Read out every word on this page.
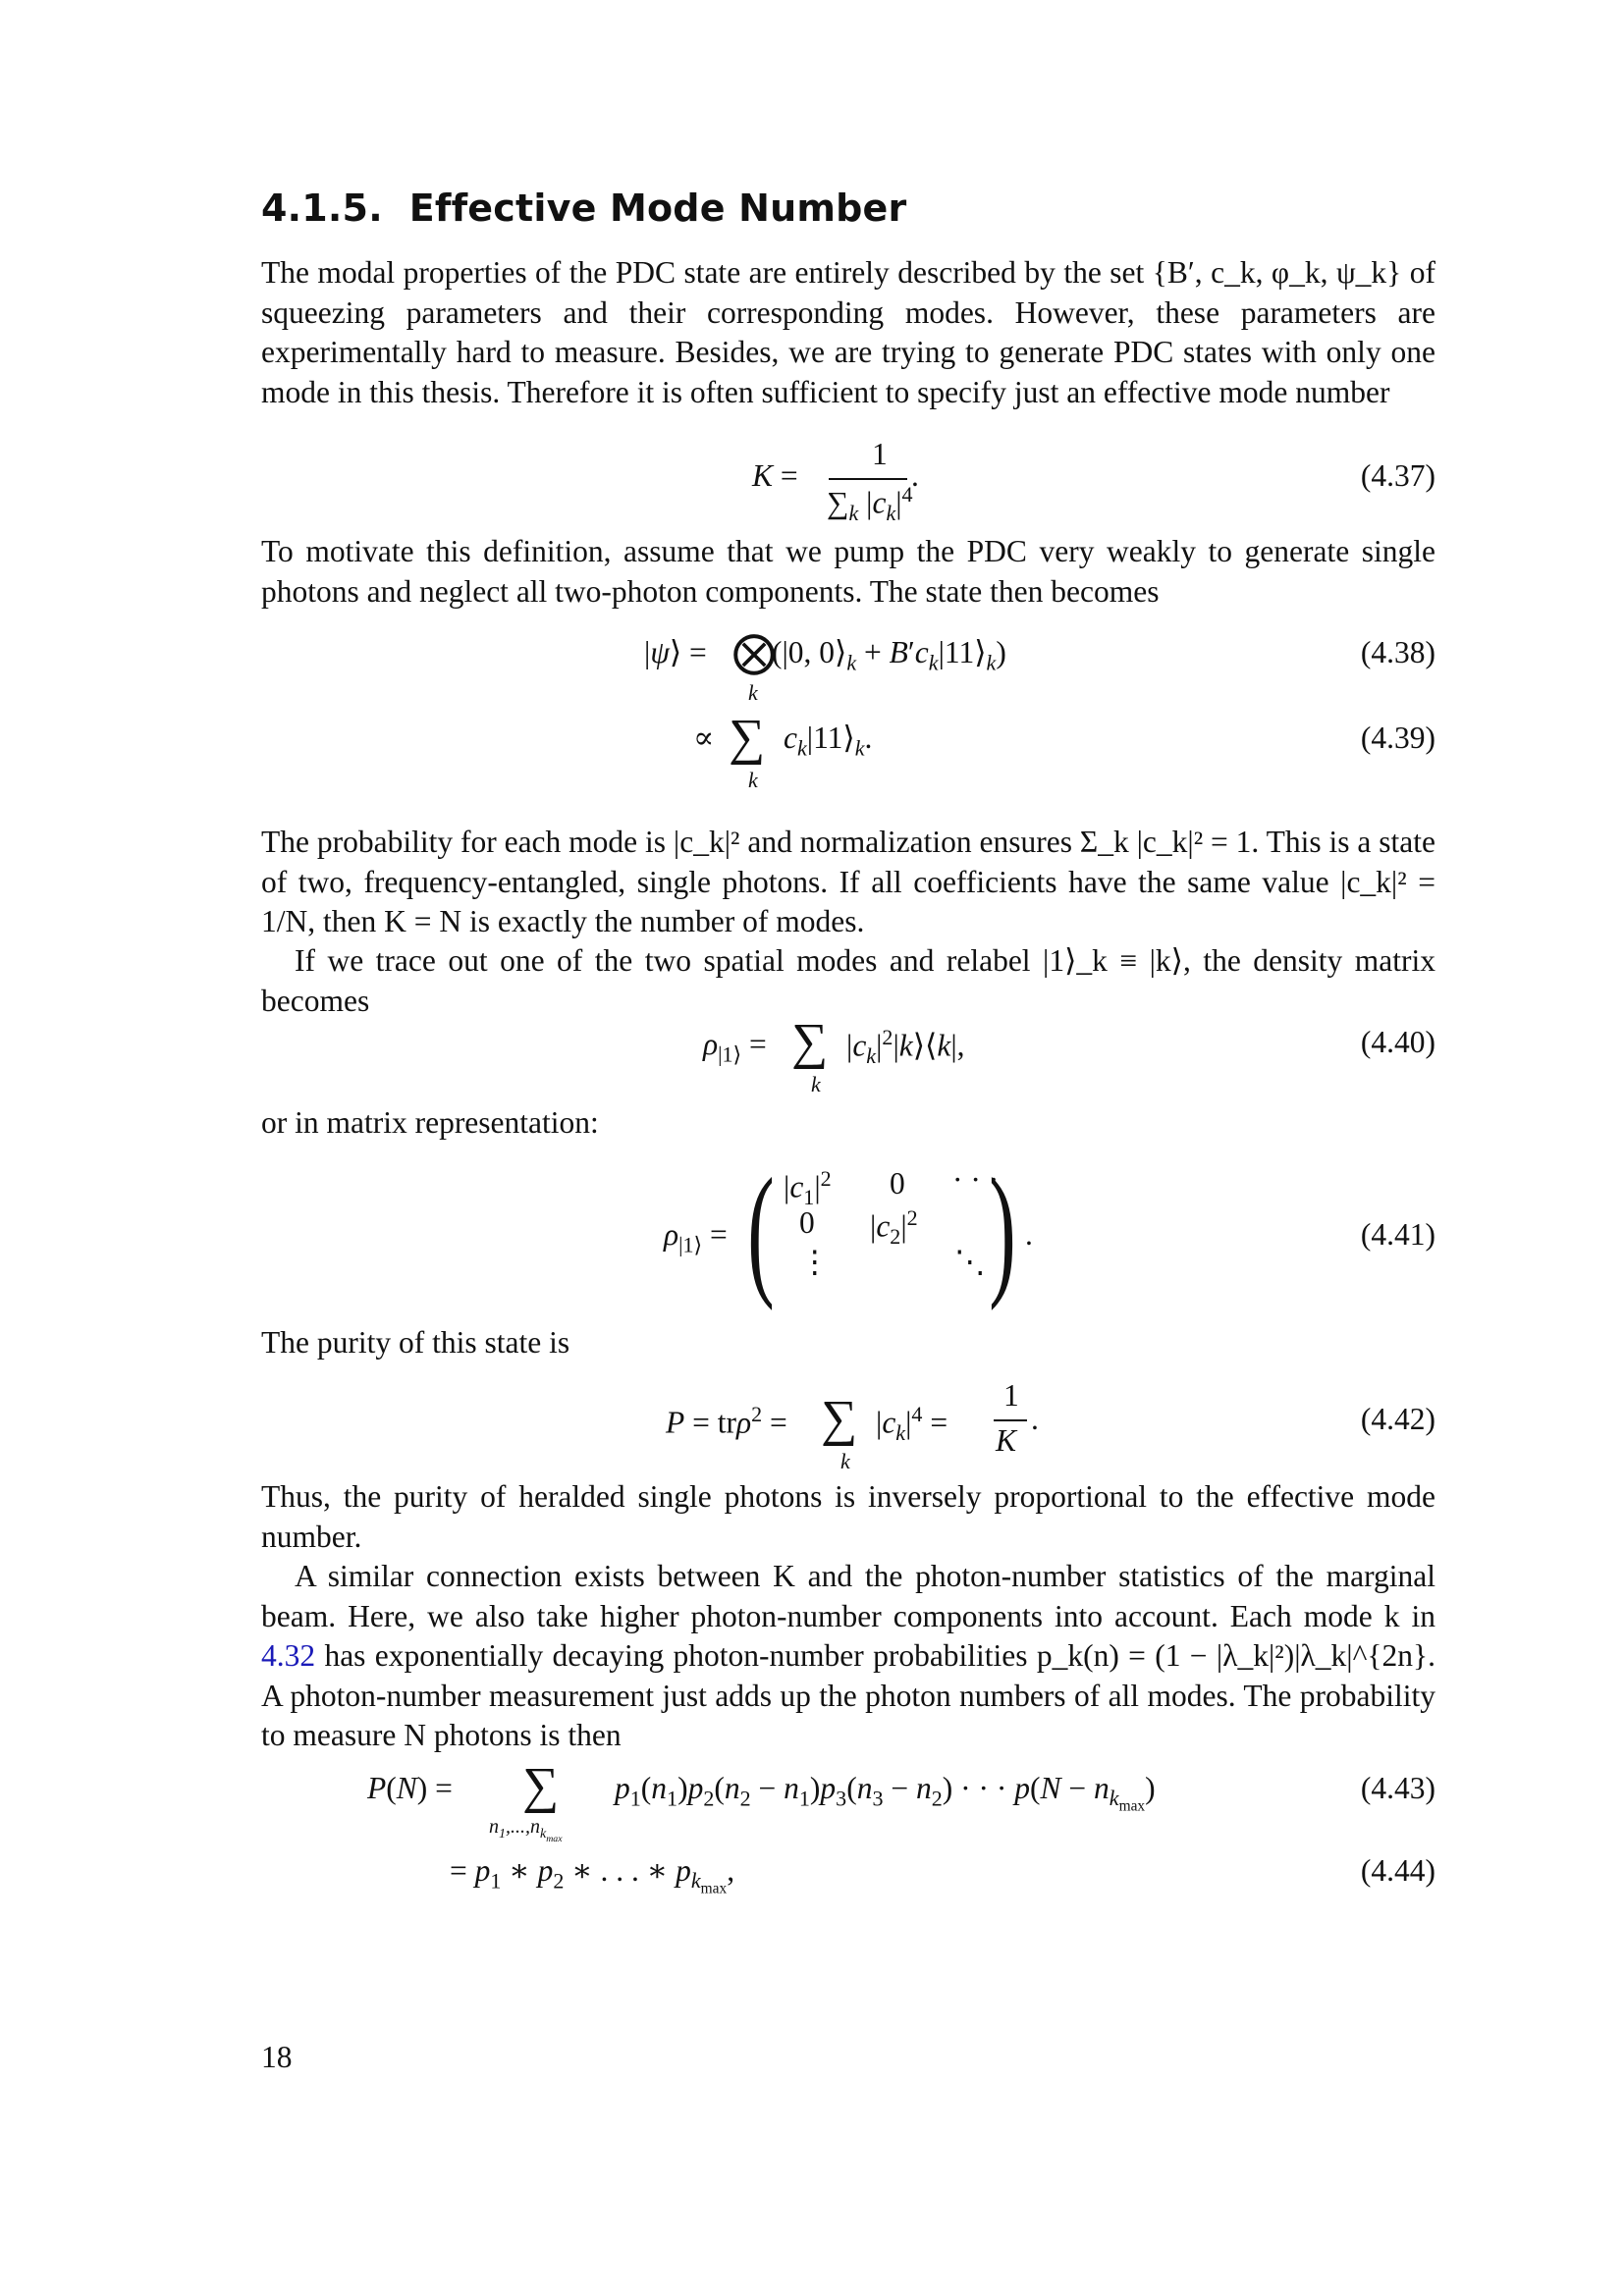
4.1.5. Effective Mode Number
The modal properties of the PDC state are entirely described by the set {B′, c_k, φ_k, ψ_k} of squeezing parameters and their corresponding modes. However, these parameters are experimentally hard to measure. Besides, we are trying to generate PDC states with only one mode in this thesis. Therefore it is often sufficient to specify just an effective mode number
K =
1
$\sum_k$ $|c_k|^4$
.	(4.37)
To motivate this definition, assume that we pump the PDC very weakly to generate single photons and neglect all two-photon components. The state then becomes
|ψ⟩ = ⨂
k
(|0, $0⟩_k$ + $B'c_k|11⟩_k$)	(4.38)
∝ ∑
k
$c_k|11⟩_k$.	(4.39)
The probability for each mode is |c_k|² and normalization ensures Σ_k |c_k|² = 1. This is a state of two, frequency-entangled, single photons. If all coefficients have the same value |c_k|² = 1/N, then K = N is exactly the number of modes.
If we trace out one of the two spatial modes and relabel |1⟩_k ≡ |k⟩, the density matrix becomes
$\rho_{|1⟩}$ = ∑
k
$|c_k|^2|k⟩⟨k|$,	(4.40)
or in matrix representation:
$\rho_{|1⟩}$ = ( $|c_1|^2$ 0 · · ·
0 $|c_2|^2$
⋮	⋱ ) .	(4.41)
The purity of this state is
P = trρ$^2$ = ∑
k
$|c_k|^4$ =
1
K
.	(4.42)
Thus, the purity of heralded single photons is inversely proportional to the effective mode number.
A similar connection exists between K and the photon-number statistics of the marginal beam. Here, we also take higher photon-number components into account. Each mode k in 4.32 has exponentially decaying photon-number probabilities p_k(n) = (1 − |λ_k|²)|λ_k|^{2n}. A photon-number measurement just adds up the photon numbers of all modes. The probability to measure N photons is then
P(N) = ∑
$n_1,...,n_{k_{max}}$
$p_1(n_1)p_2(n_2 - n_1)p_3(n_3 - n_2)$ · · · $p(N - n_{k_{max}})$	(4.43)
= $p_1$ ∗ $p_2$ ∗ . . . ∗ $p_{k_{max}}$,	(4.44)
18
